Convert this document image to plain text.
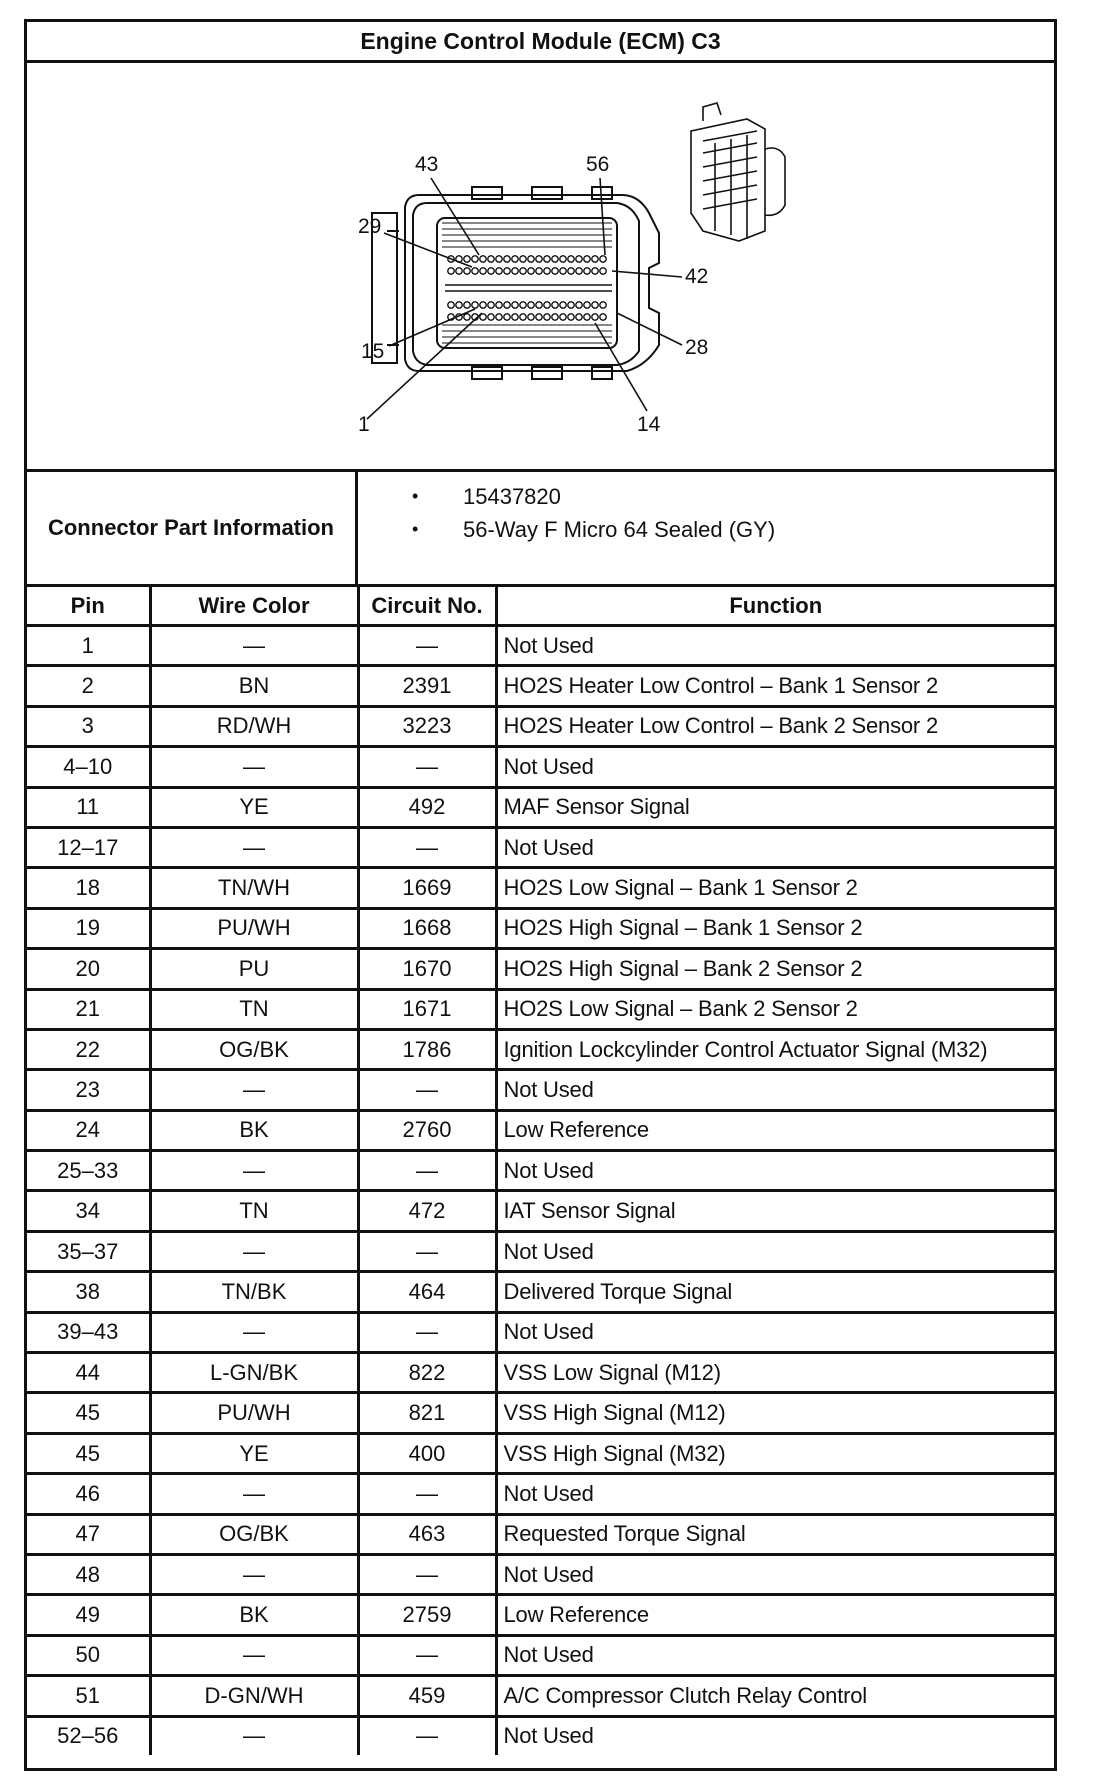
Engine Control Module (ECM) C3
43	56
29
42
15	28
1	14
Connector Part Information
• 15437820
• 56-Way F Micro 64 Sealed (GY)
Pin	Wire Color	Circuit No.	Function
1	—	—	Not Used
2	BN	2391	HO2S Heater Low Control – Bank 1 Sensor 2
3	RD/WH	3223	HO2S Heater Low Control – Bank 2 Sensor 2
4–10	—	—	Not Used
11	YE	492	MAF Sensor Signal
12–17	—	—	Not Used
18	TN/WH	1669	HO2S Low Signal – Bank 1 Sensor 2
19	PU/WH	1668	HO2S High Signal – Bank 1 Sensor 2
20	PU	1670	HO2S High Signal – Bank 2 Sensor 2
21	TN	1671	HO2S Low Signal – Bank 2 Sensor 2
22	OG/BK	1786	Ignition Lockcylinder Control Actuator Signal (M32)
23	—	—	Not Used
24	BK	2760	Low Reference
25–33	—	—	Not Used
34	TN	472	IAT Sensor Signal
35–37	—	—	Not Used
38	TN/BK	464	Delivered Torque Signal
39–43	—	—	Not Used
44	L-GN/BK	822	VSS Low Signal (M12)
45	PU/WH	821	VSS High Signal (M12)
45	YE	400	VSS High Signal (M32)
46	—	—	Not Used
47	OG/BK	463	Requested Torque Signal
48	—	—	Not Used
49	BK	2759	Low Reference
50	—	—	Not Used
51	D-GN/WH	459	A/C Compressor Clutch Relay Control
52–56	—	—	Not Used
